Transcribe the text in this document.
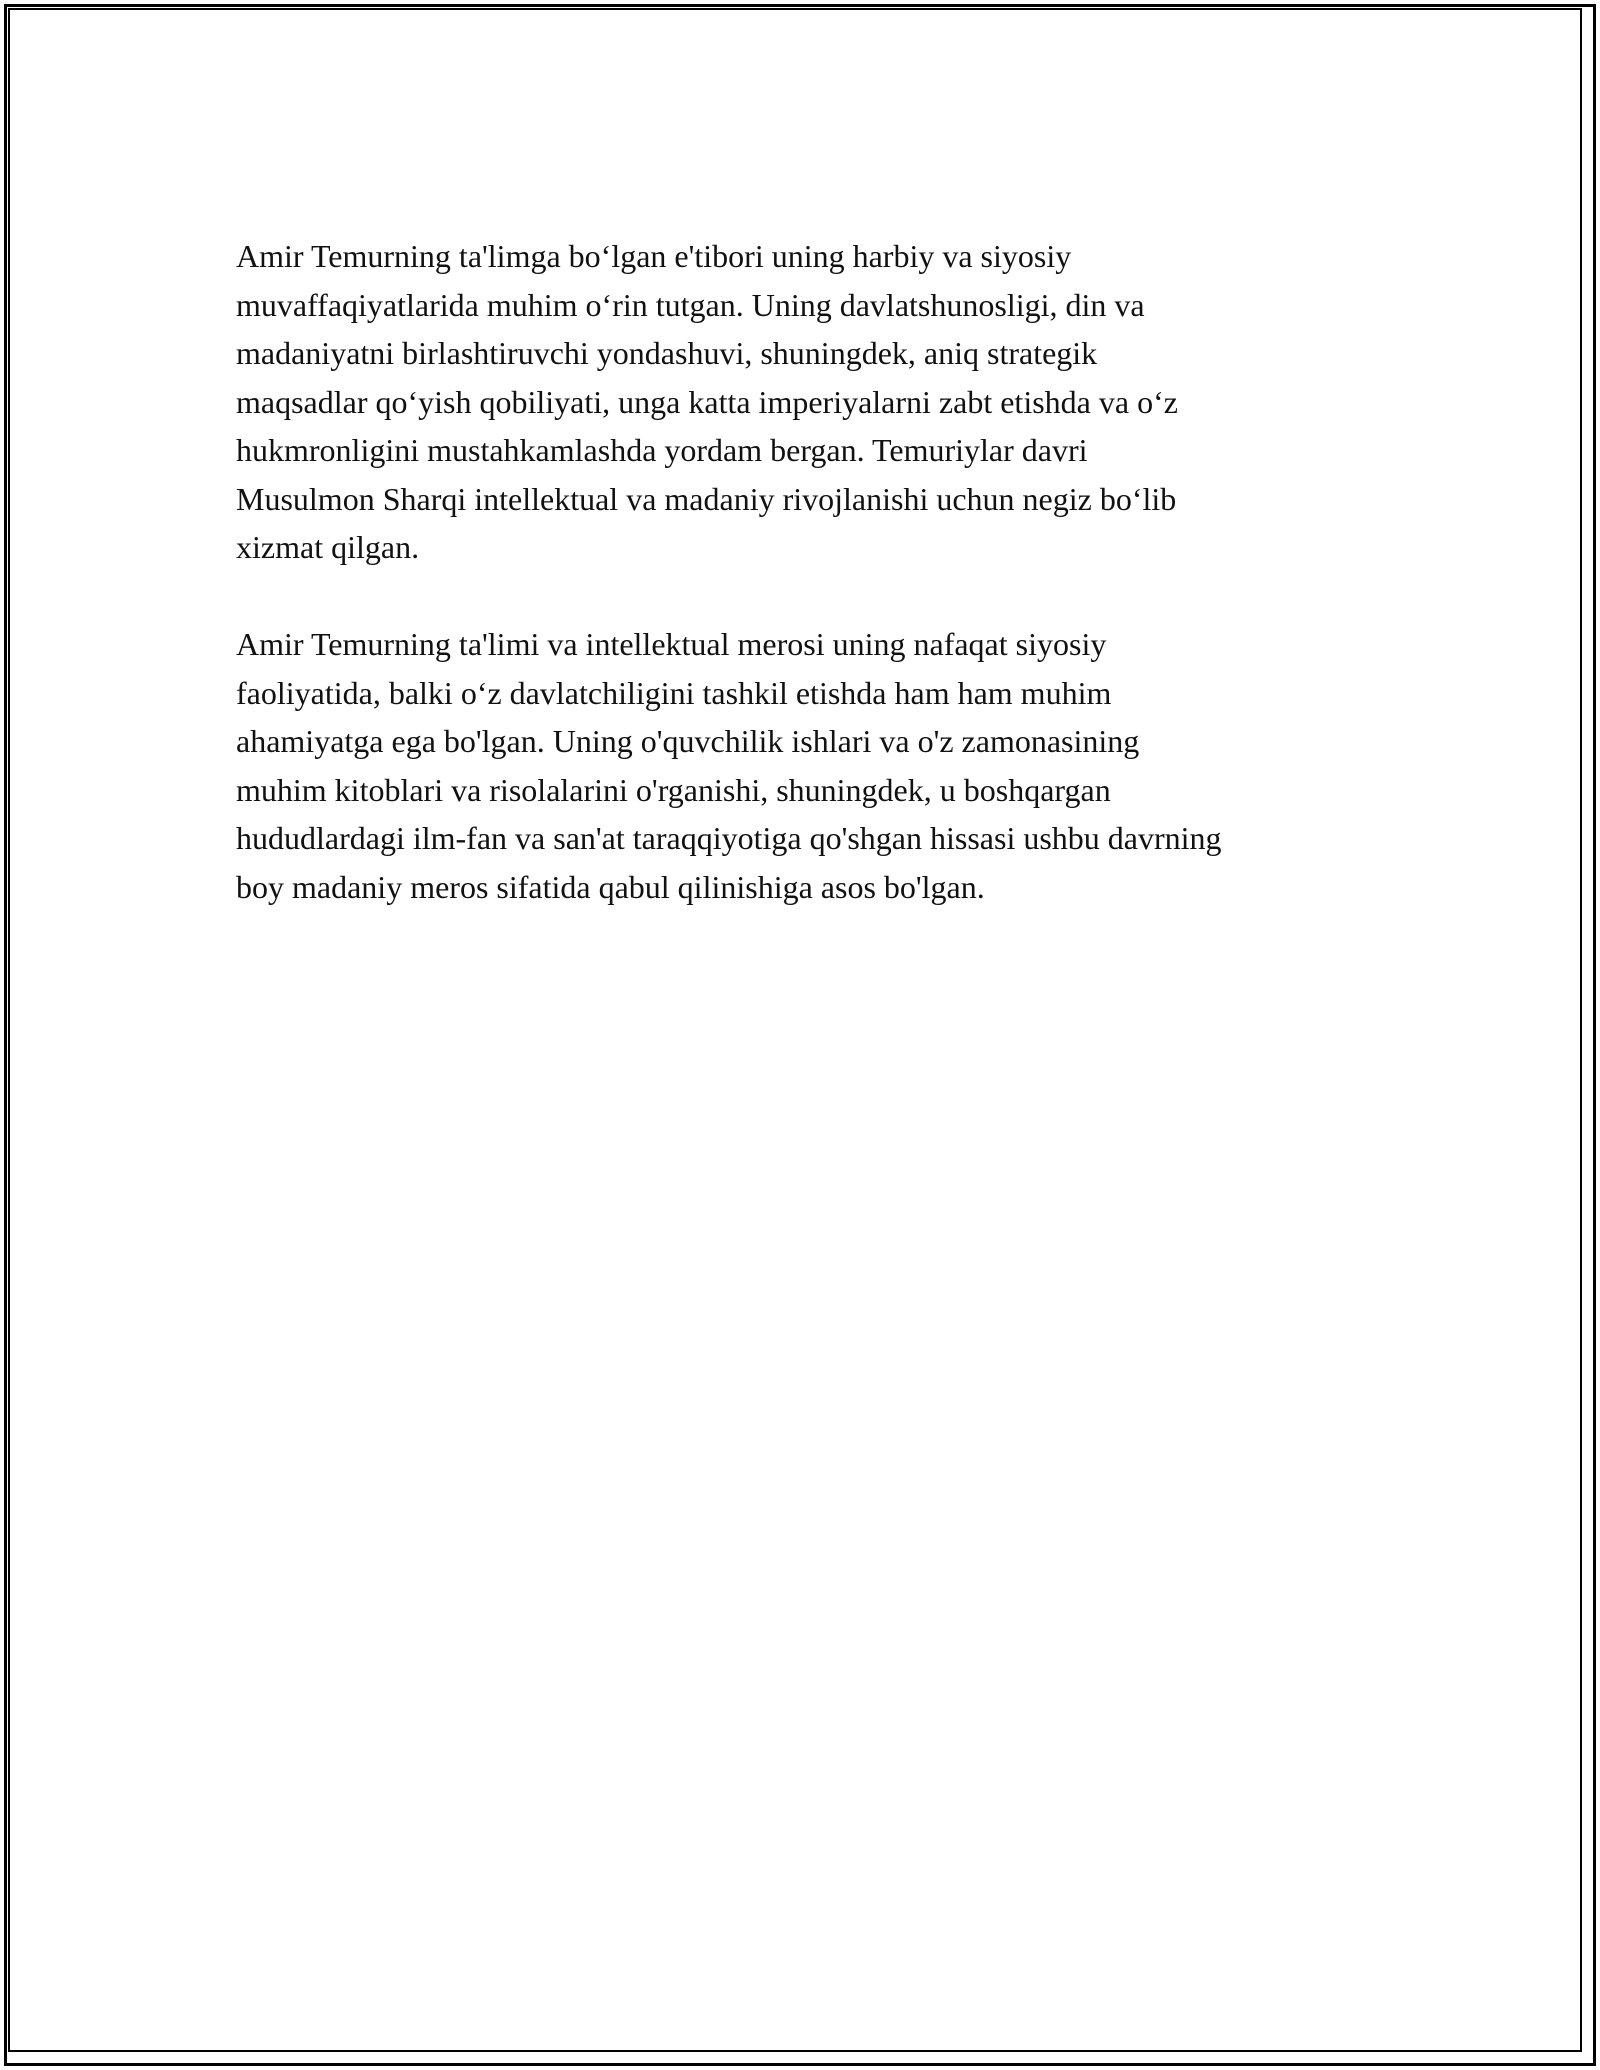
Amir Temurning ta'limga bo‘lgan e'tibori uning harbiy va siyosiy
muvaffaqiyatlarida muhim o‘rin tutgan. Uning davlatshunosligi, din va
madaniyatni birlashtiruvchi yondashuvi, shuningdek, aniq strategik
maqsadlar qo‘yish qobiliyati, unga katta imperiyalarni zabt etishda va o‘z
hukmronligini mustahkamlashda yordam bergan. Temuriylar davri
Musulmon Sharqi intellektual va madaniy rivojlanishi uchun negiz bo‘lib
xizmat qilgan.

Amir Temurning ta'limi va intellektual merosi uning nafaqat siyosiy
faoliyatida, balki o‘z davlatchiligini tashkil etishda ham ham muhim
ahamiyatga ega bo'lgan. Uning o'quvchilik ishlari va o'z zamonasining
muhim kitoblari va risolalarini o'rganishi, shuningdek, u boshqargan
hududlardagi ilm-fan va san'at taraqqiyotiga qo'shgan hissasi ushbu davrning
boy madaniy meros sifatida qabul qilinishiga asos bo'lgan.
